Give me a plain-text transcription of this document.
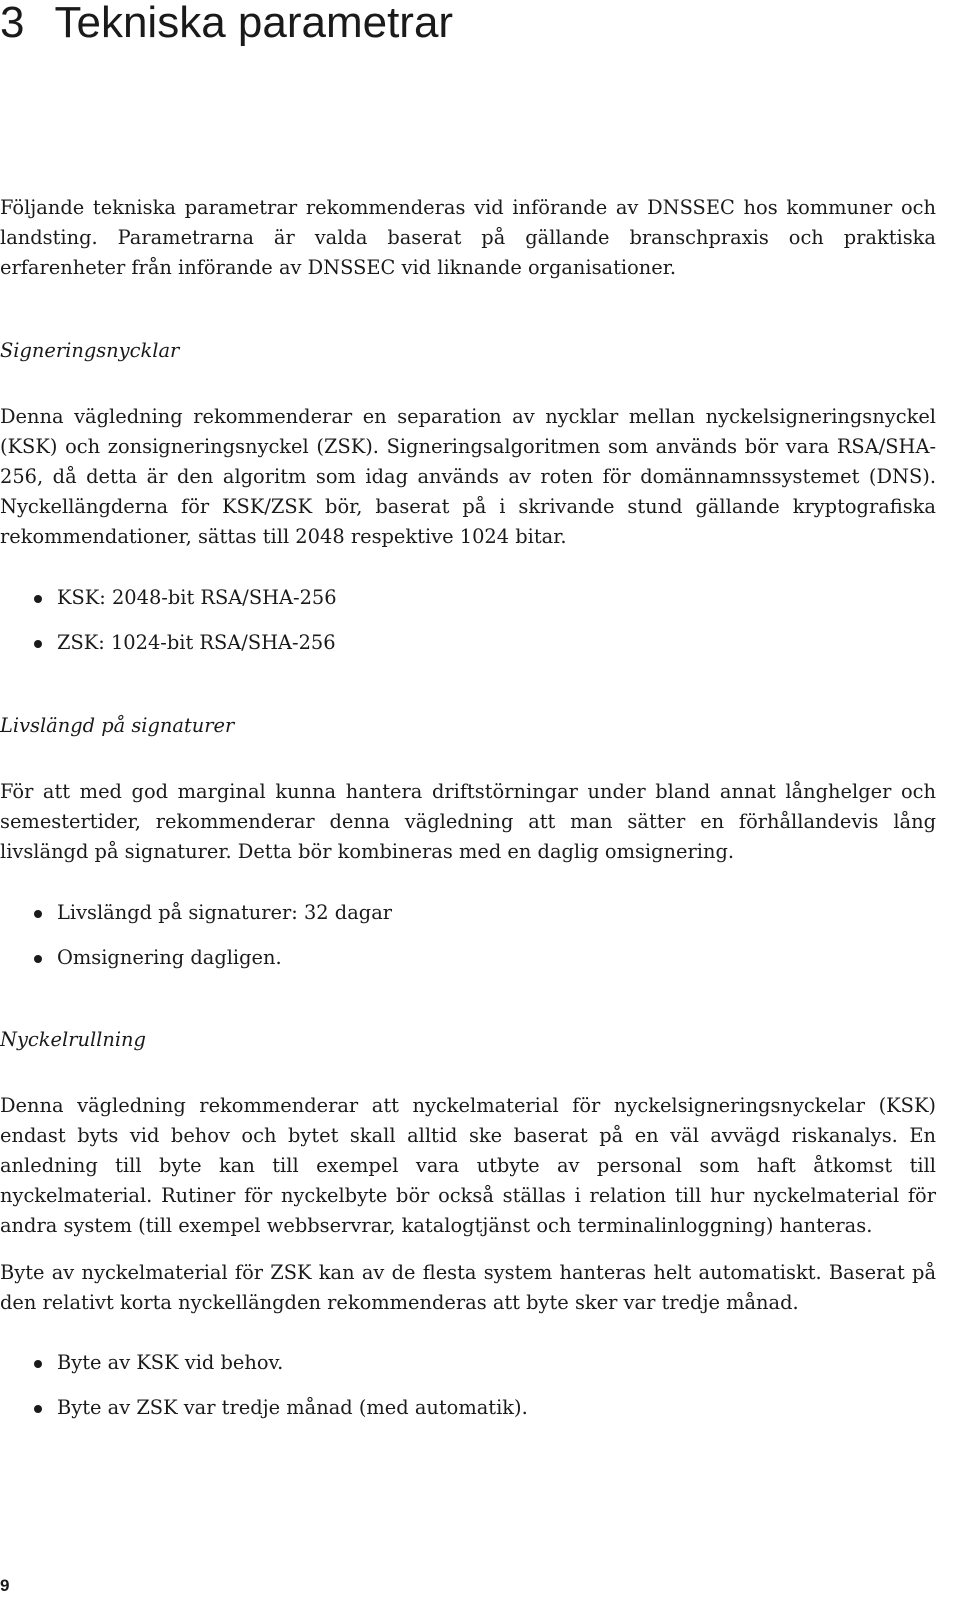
3 Tekniska parametrar

Följande tekniska parametrar rekommenderas vid införande av DNSSEC hos kommuner och landsting. Parametrarna är valda baserat på gällande branschpraxis och praktiska erfarenheter från införande av DNSSEC vid liknande organisationer.

Signeringsnycklar

Denna vägledning rekommenderar en separation av nycklar mellan nyckelsigneringsnyckel (KSK) och zonsigneringsnyckel (ZSK). Signeringsalgoritmen som används bör vara RSA/SHA-256, då detta är den algoritm som idag används av roten för domännamnssystemet (DNS). Nyckellängderna för KSK/ZSK bör, baserat på i skrivande stund gällande kryptografiska rekommendationer, sättas till 2048 respektive 1024 bitar.

KSK: 2048-bit RSA/SHA-256
ZSK: 1024-bit RSA/SHA-256
Livslängd på signaturer

För att med god marginal kunna hantera driftstörningar under bland annat långhelger och semestertider, rekommenderar denna vägledning att man sätter en förhållandevis lång livslängd på signaturer. Detta bör kombineras med en daglig omsignering.

Livslängd på signaturer: 32 dagar
Omsignering dagligen.
Nyckelrullning

Denna vägledning rekommenderar att nyckelmaterial för nyckelsigneringsnyckelar (KSK) endast byts vid behov och bytet skall alltid ske baserat på en väl avvägd riskanalys. En anledning till byte kan till exempel vara utbyte av personal som haft åtkomst till nyckelmaterial. Rutiner för nyckelbyte bör också ställas i relation till hur nyckelmaterial för andra system (till exempel webbservrar, katalogtjänst och terminalinloggning) hanteras.

Byte av nyckelmaterial för ZSK kan av de flesta system hanteras helt automatiskt. Baserat på den relativt korta nyckellängden rekommenderas att byte sker var tredje månad.

Byte av KSK vid behov.
Byte av ZSK var tredje månad (med automatik).
9
